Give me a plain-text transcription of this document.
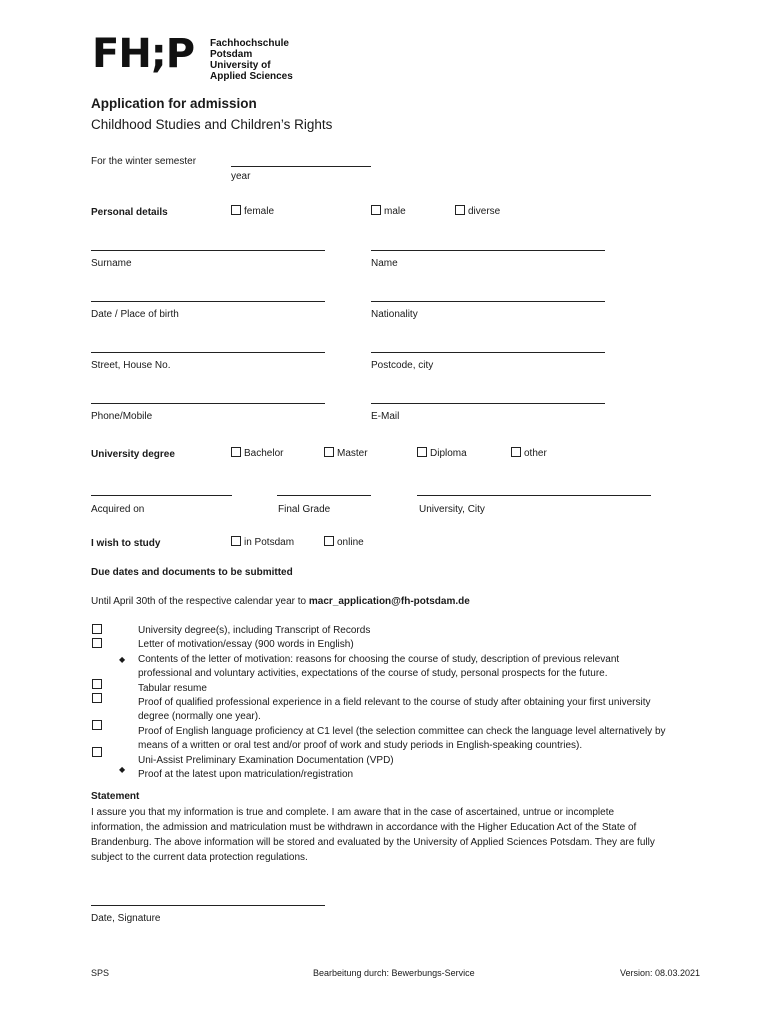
FH;P Fachhochschule Potsdam
University of
Applied Sciences
Application for admission
Childhood Studies and Children’s Rights
For the winter semester
year
Personal details	female	male	diverse
Surname	Name
Date / Place of birth	Nationality
Street, House No.	Postcode, city
Phone/Mobile	E-Mail
University degree	Bachelor	Master	Diploma	other
Acquired on	Final Grade	University, City
I wish to study	in Potsdam	online
Due dates and documents to be submitted
Until April 30th of the respective calendar year to macr_application@fh-potsdam.de
◆
◆
University degree(s), including Transcript of Records
Letter of motivation/essay (900 words in English)
Contents of the letter of motivation: reasons for choosing the course of study, description of previous relevant
professional and voluntary activities, expectations of the course of study, personal prospects for the future.
Tabular resume
Proof of qualified professional experience in a field relevant to the course of study after obtaining your first university
degree (normally one year).
Proof of English language proficiency at C1 level (the selection committee can check the language level alternatively by
means of a written or oral test and/or proof of work and study periods in English-speaking countries).
Uni-Assist Preliminary Examination Documentation (VPD)
Proof at the latest upon matriculation/registration
Statement
I assure you that my information is true and complete. I am aware that in the case of ascertained, untrue or incomplete
information, the admission and matriculation must be withdrawn in accordance with the Higher Education Act of the State of
Brandenburg. The above information will be stored and evaluated by the University of Applied Sciences Potsdam. They are fully
subject to the current data protection regulations.
Date, Signature
SPS	Bearbeitung durch: Bewerbungs-Service	Version: 08.03.2021
